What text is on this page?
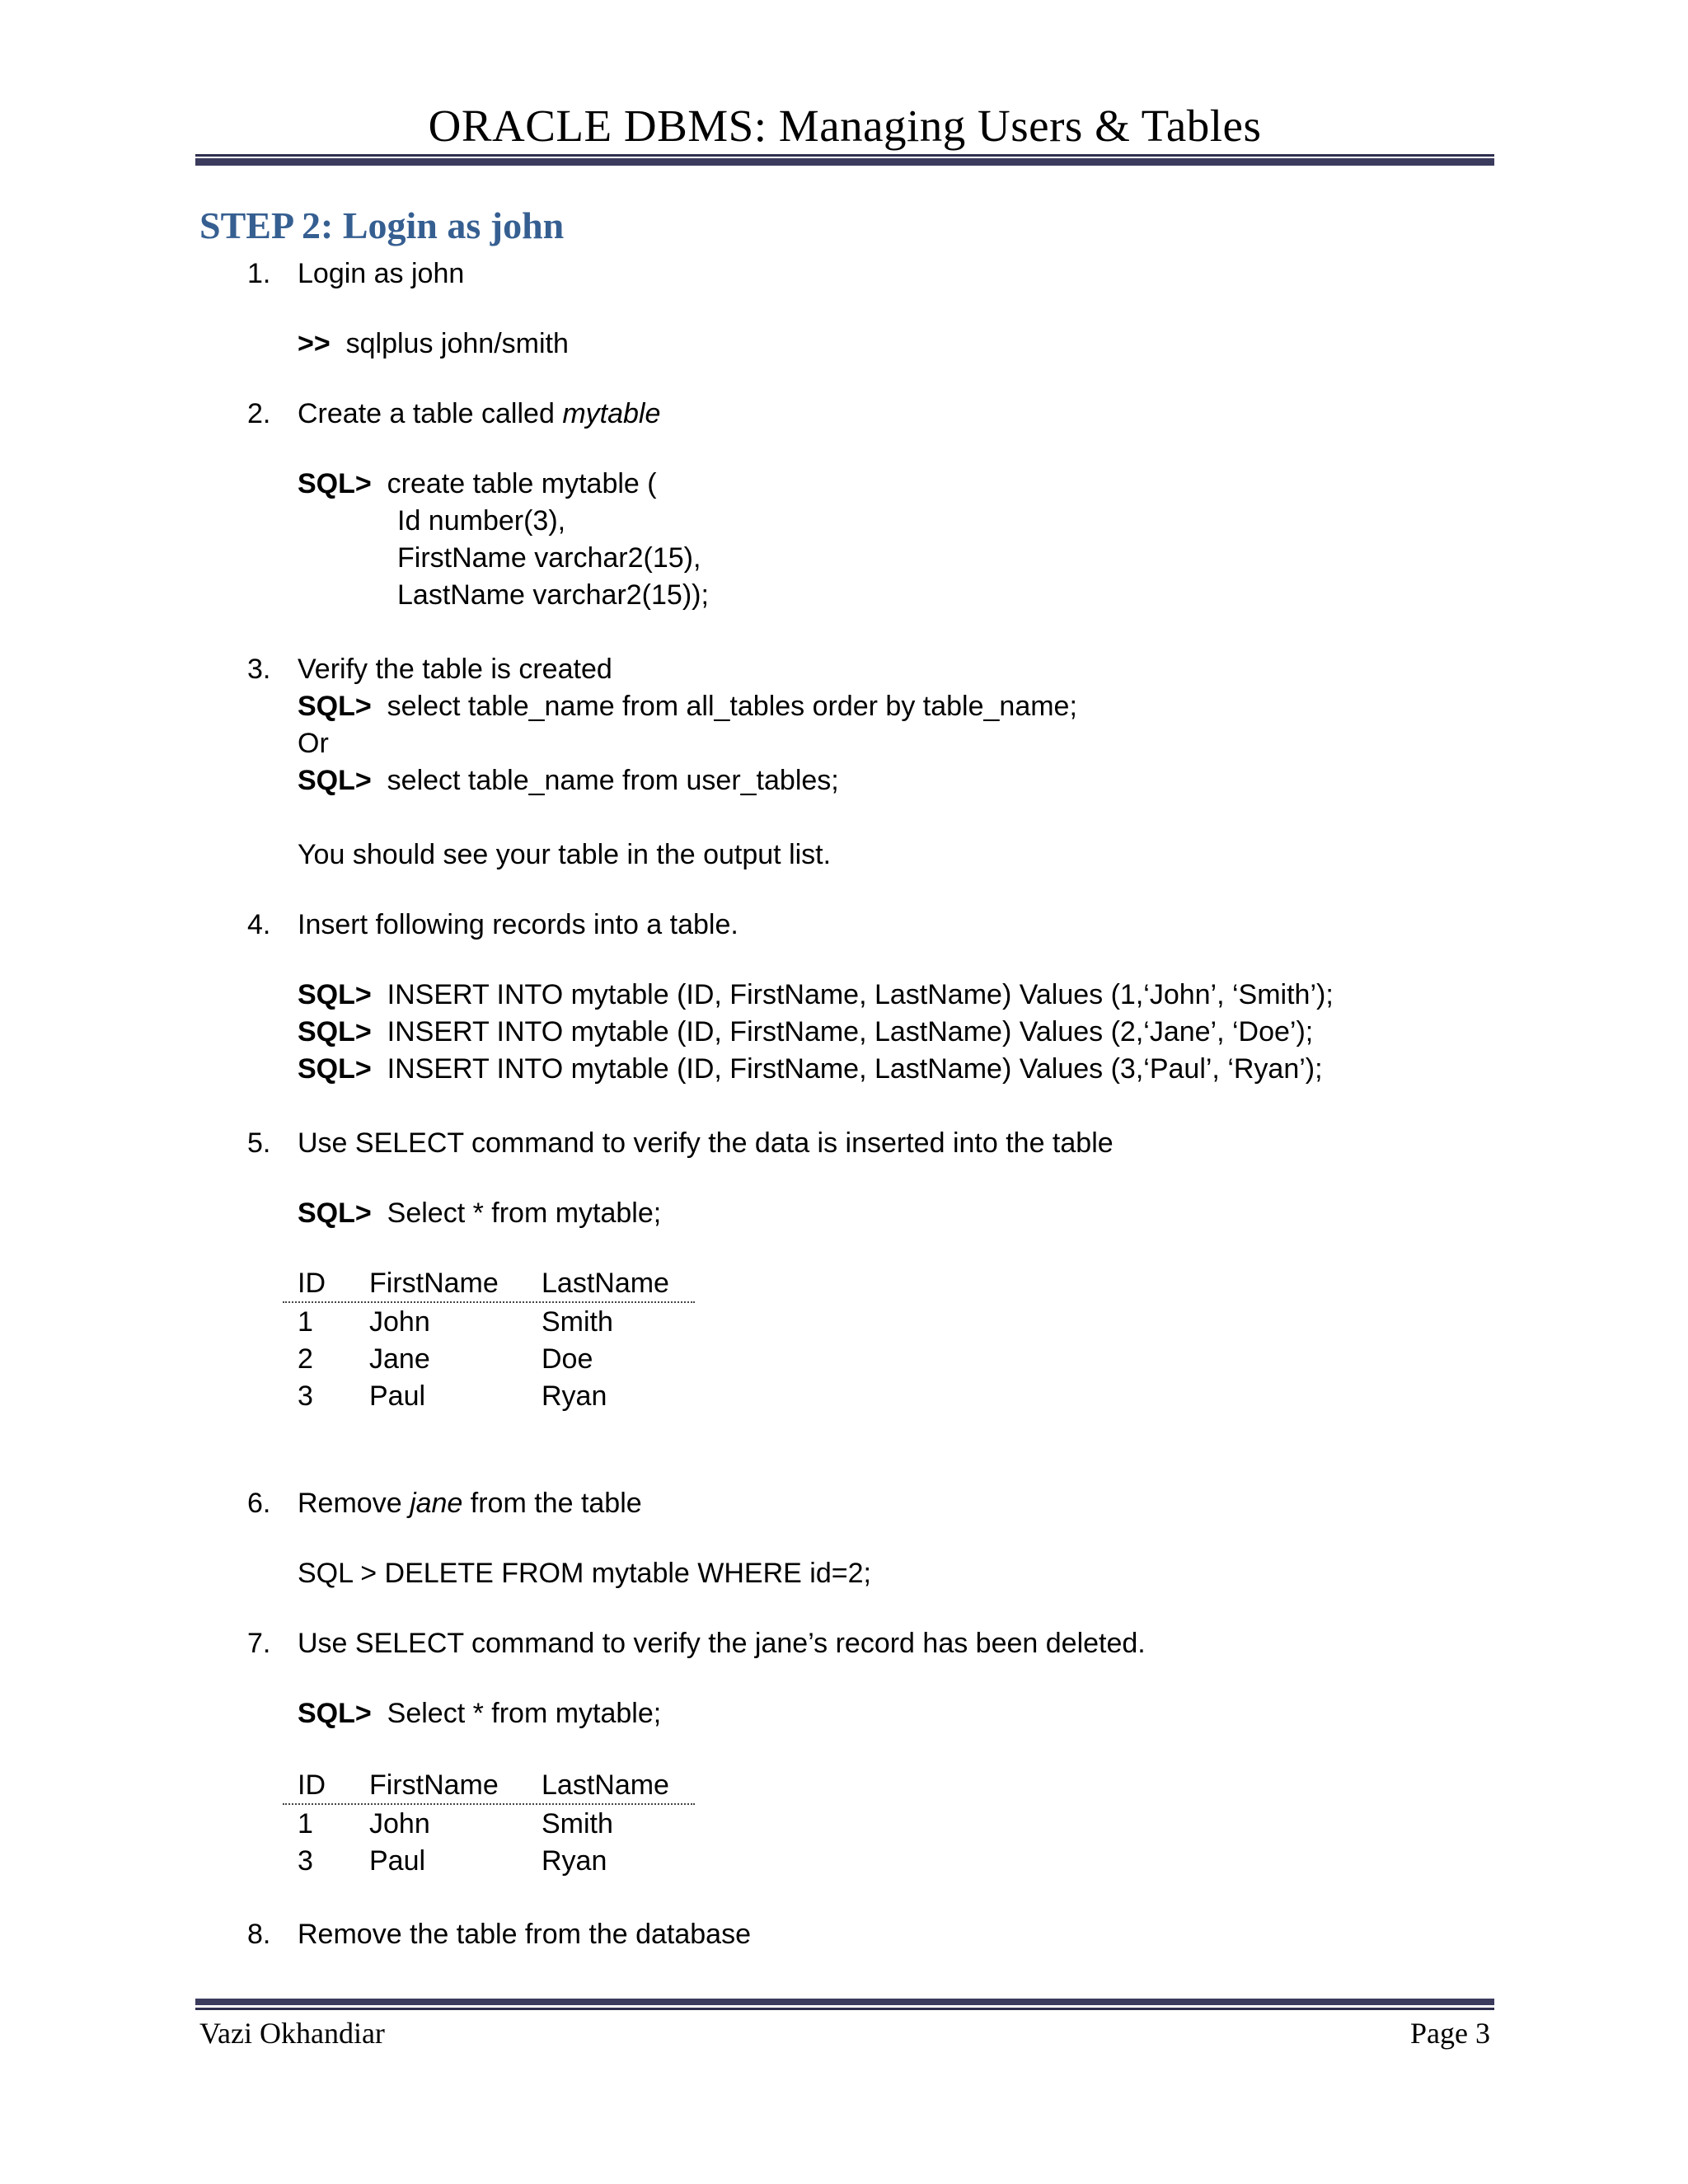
ORACLE DBMS: Managing Users & Tables
STEP 2: Login as john
1. Login as john
>> sqlplus john/smith
2. Create a table called mytable
SQL> create table mytable (
Id number(3),
FirstName varchar2(15),
LastName varchar2(15));
3. Verify the table is created
SQL> select table_name from all_tables order by table_name;
Or
SQL> select table_name from user_tables;
You should see your table in the output list.
4. Insert following records into a table.
SQL> INSERT INTO mytable (ID, FirstName, LastName) Values (1,‘John’, ‘Smith’);
SQL> INSERT INTO mytable (ID, FirstName, LastName) Values (2,‘Jane’, ‘Doe’);
SQL> INSERT INTO mytable (ID, FirstName, LastName) Values (3,‘Paul’, ‘Ryan’);
5. Use SELECT command to verify the data is inserted into the table
SQL> Select * from mytable;
ID FirstName LastName
1 John	Smith
2 Jane	Doe
3 Paul	Ryan
6. Remove jane from the table
SQL > DELETE FROM mytable WHERE id=2;
7. Use SELECT command to verify the jane’s record has been deleted.
SQL> Select * from mytable;
ID FirstName LastName
1 John	Smith
3 Paul	Ryan
8. Remove the table from the database
Vazi Okhandiar	Page 3
